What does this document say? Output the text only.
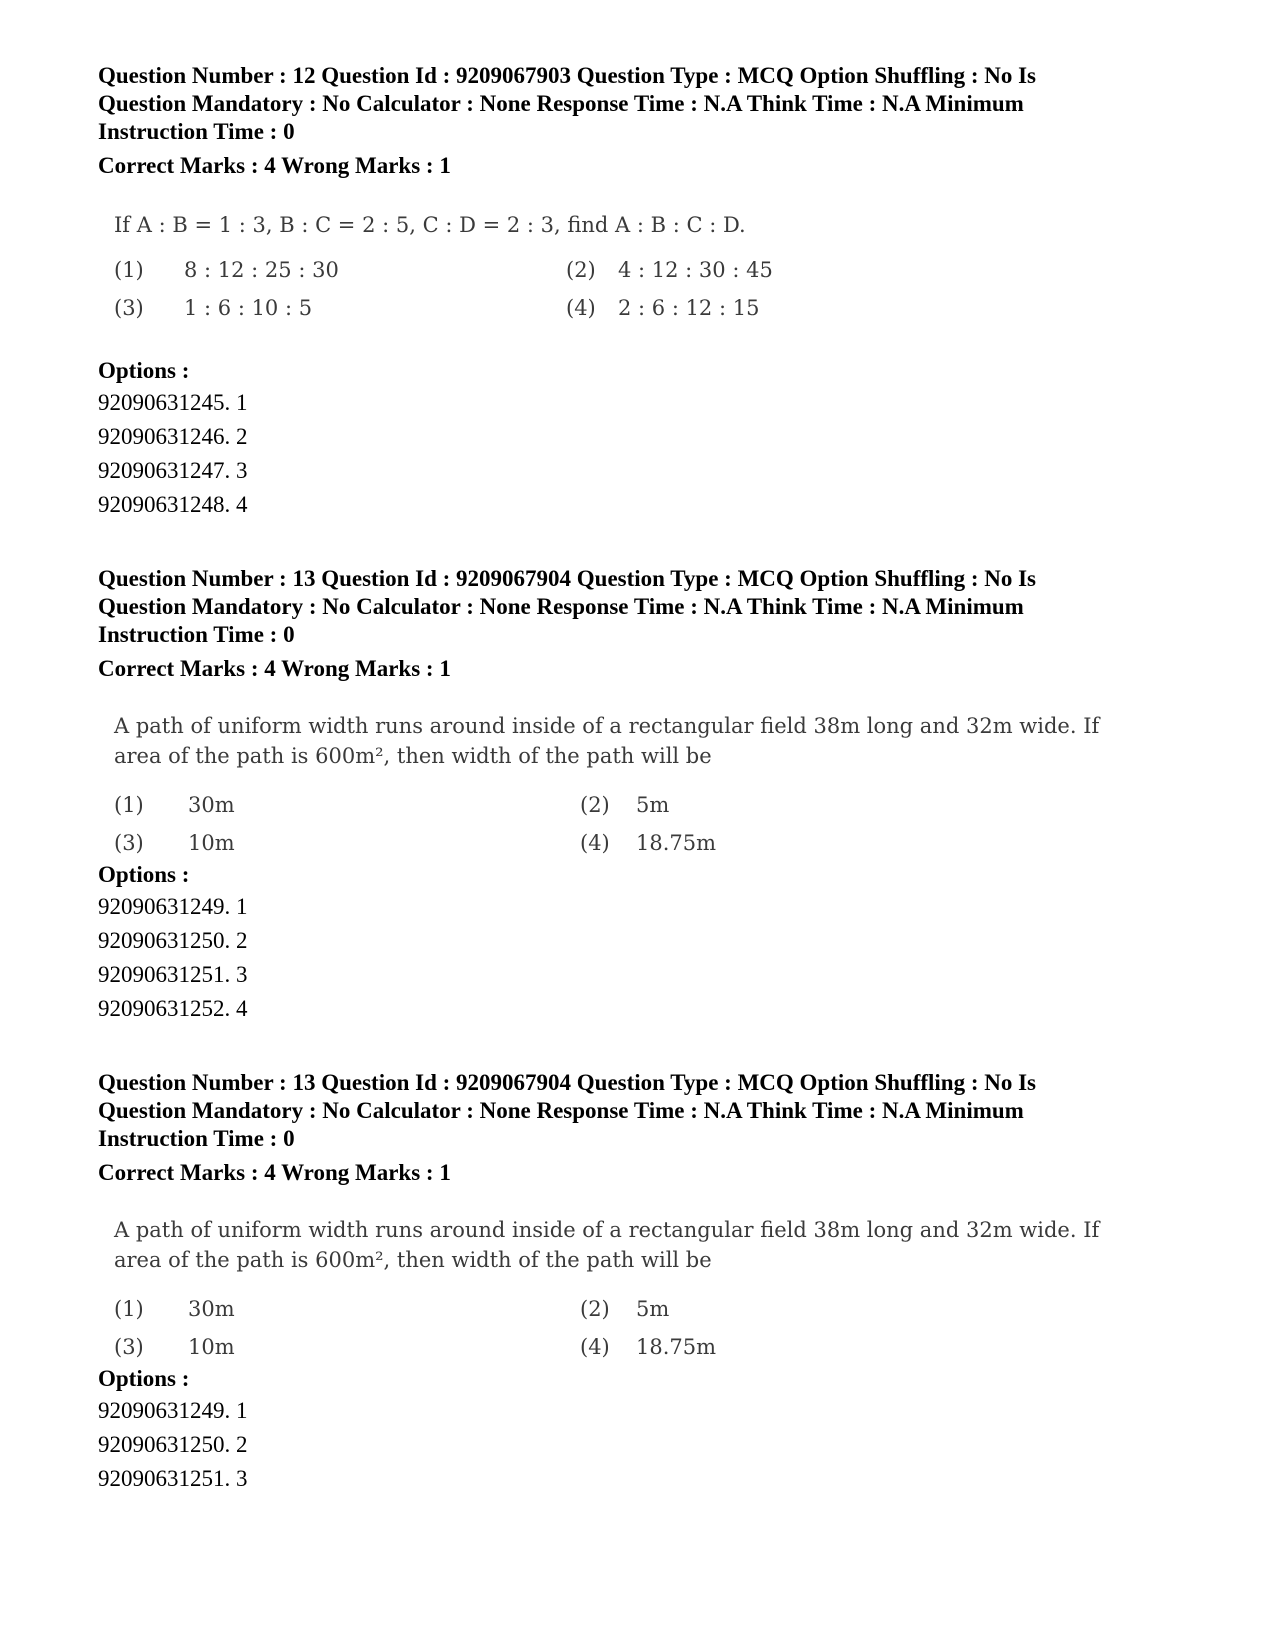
Question Number : 12 Question Id : 9209067903 Question Type : MCQ Option Shuffling : No Is

Question Mandatory : No Calculator : None Response Time : N.A Think Time : N.A Minimum

Instruction Time : 0

Correct Marks : 4 Wrong Marks : 1

If A : B = 1 : 3, B : C = 2 : 5, C : D = 2 : 3, find A : B : C : D.

(1)	8 : 12 : 25 : 30	(2)	4 : 12 : 30 : 45
(3)	1 : 6 : 10 : 5	(4)	2 : 6 : 12 : 15

Options :

92090631245. 1

92090631246. 2

92090631247. 3

92090631248. 4

Question Number : 13 Question Id : 9209067904 Question Type : MCQ Option Shuffling : No Is

Question Mandatory : No Calculator : None Response Time : N.A Think Time : N.A Minimum

Instruction Time : 0

Correct Marks : 4 Wrong Marks : 1

A path of uniform width runs around inside of a rectangular field 38m long and 32m wide. If

area of the path is 600m², then width of the path will be

(1)	30m	(2)	5m
(3)	10m	(4)	18.75m

Options :

92090631249. 1

92090631250. 2

92090631251. 3

92090631252. 4

Question Number : 13 Question Id : 9209067904 Question Type : MCQ Option Shuffling : No Is

Question Mandatory : No Calculator : None Response Time : N.A Think Time : N.A Minimum

Instruction Time : 0

Correct Marks : 4 Wrong Marks : 1

A path of uniform width runs around inside of a rectangular field 38m long and 32m wide. If

area of the path is 600m², then width of the path will be

(1)	30m	(2)	5m
(3)	10m	(4)	18.75m

Options :

92090631249. 1

92090631250. 2

92090631251. 3
